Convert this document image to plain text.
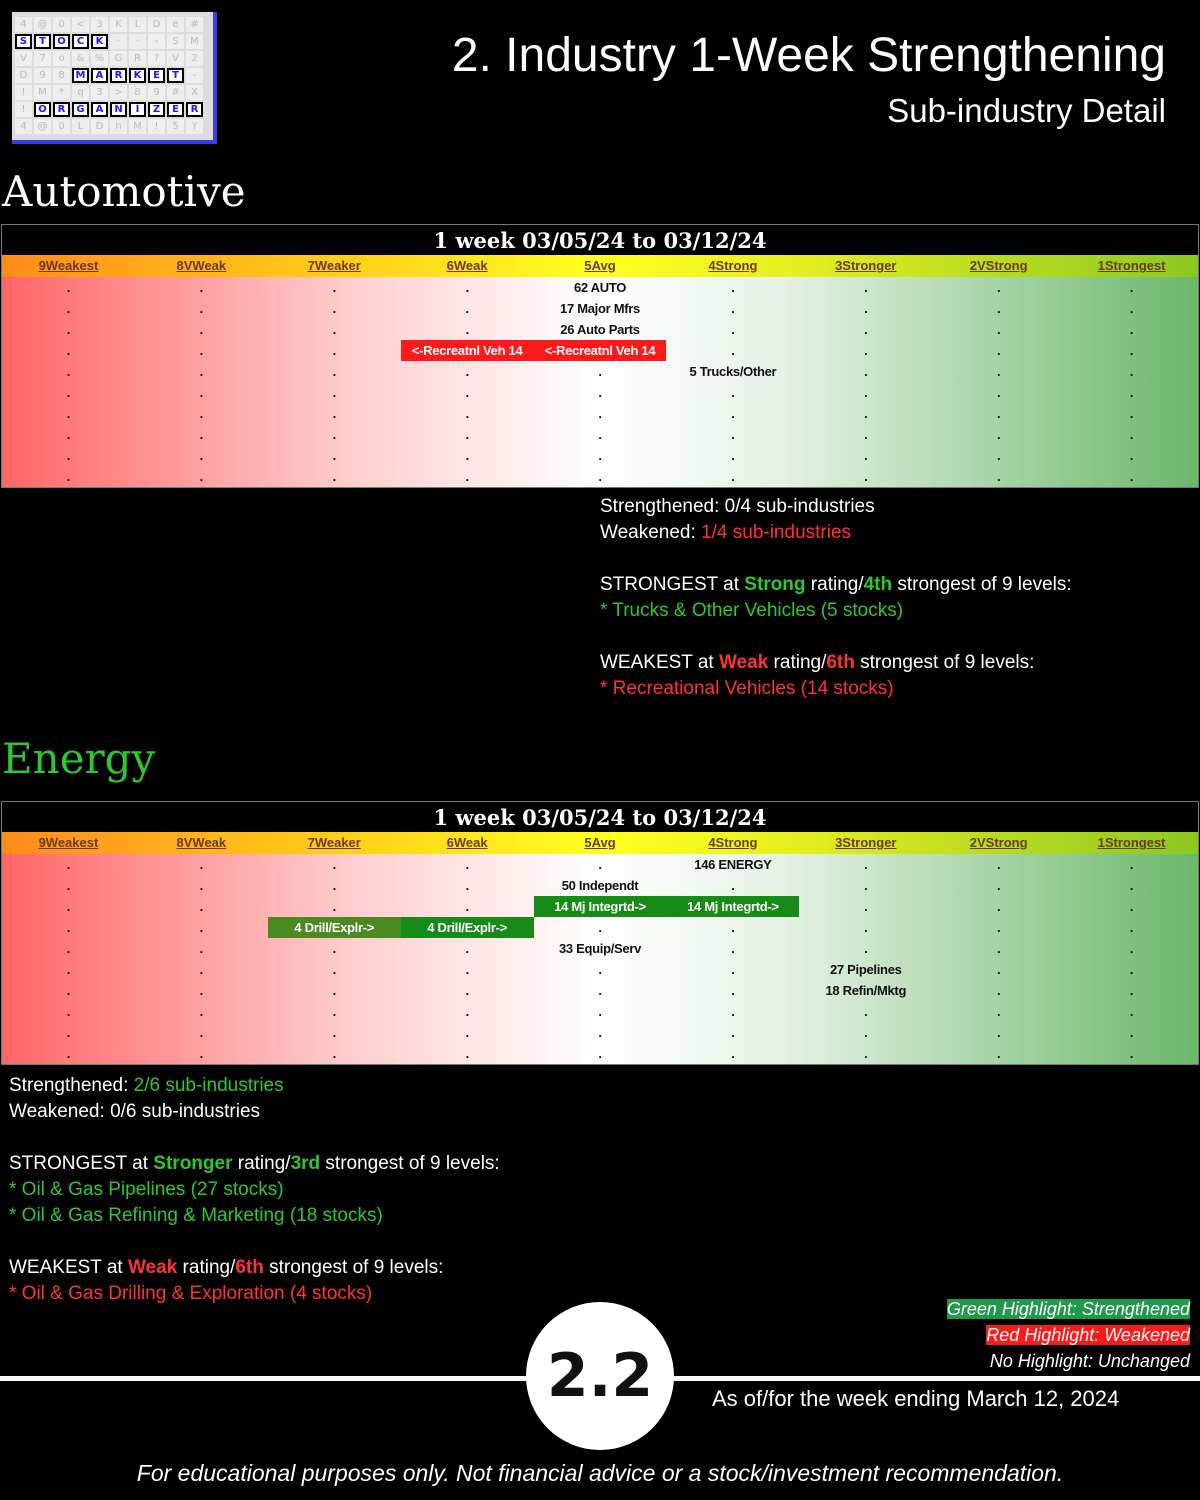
4	@	0	<	3	K	L	D	e	#
S	T	O	C	K	·	·	-	S	M
V	7	o	&	%	G	R	?	V	2
D	9	8	M	A	R	K	E	T	-
!	M	*	q	3	>	8	9	#	X
!	O	R	G	A	N	I	Z	E	R
4	@	0	L	D	h	M	!	5	Y
2. Industry 1-Week Strengthening
Sub-industry Detail
Automotive
1 week 03/05/24 to 03/12/24
9Weakest	8VWeak	7Weaker	6Weak	5Avg	4Strong	3Stronger	2VStrong	1Strongest
.	.	.	.	62 AUTO	.	.	.	.
.	.	.	.	17 Major Mfrs	.	.	.	.
.	.	.	.	26 Auto Parts	.	.	.	.
.	.	.	<-Recreatnl Veh 14	<-Recreatnl Veh 14	.	.	.	.
.	.	.	.	.	5 Trucks/Other	.	.	.
.	.	.	.	.	.	.	.	.
.	.	.	.	.	.	.	.	.
.	.	.	.	.	.	.	.	.
.	.	.	.	.	.	.	.	.
.	.	.	.	.	.	.	.	.
Strengthened: 0/4 sub-industries
Weakened: 1/4 sub-industries
STRONGEST at Strong rating/4th strongest of 9 levels:
* Trucks & Other Vehicles (5 stocks)
WEAKEST at Weak rating/6th strongest of 9 levels:
* Recreational Vehicles (14 stocks)
Energy
1 week 03/05/24 to 03/12/24
9Weakest	8VWeak	7Weaker	6Weak	5Avg	4Strong	3Stronger	2VStrong	1Strongest
.	.	.	.	.	146 ENERGY	.	.	.
.	.	.	.	50 Independt	.	.	.	.
.	.	.	.	14 Mj Integrtd->	14 Mj Integrtd->	.	.	.
.	.	4 Drill/Explr->	4 Drill/Explr->	.	.	.	.	.
.	.	.	.	33 Equip/Serv	.	.	.	.
.	.	.	.	.	.	27 Pipelines	.	.
.	.	.	.	.	.	18 Refin/Mktg	.	.
.	.	.	.	.	.	.	.	.
.	.	.	.	.	.	.	.	.
.	.	.	.	.	.	.	.	.
Strengthened: 2/6 sub-industries
Weakened: 0/6 sub-industries
STRONGEST at Stronger rating/3rd strongest of 9 levels:
* Oil & Gas Pipelines (27 stocks)
* Oil & Gas Refining & Marketing (18 stocks)
WEAKEST at Weak rating/6th strongest of 9 levels:
* Oil & Gas Drilling & Exploration (4 stocks)
Green Highlight: Strengthened
Red Highlight: Weakened
No Highlight: Unchanged
2.2	As of/for the week ending March 12, 2024
For educational purposes only. Not financial advice or a stock/investment recommendation.
